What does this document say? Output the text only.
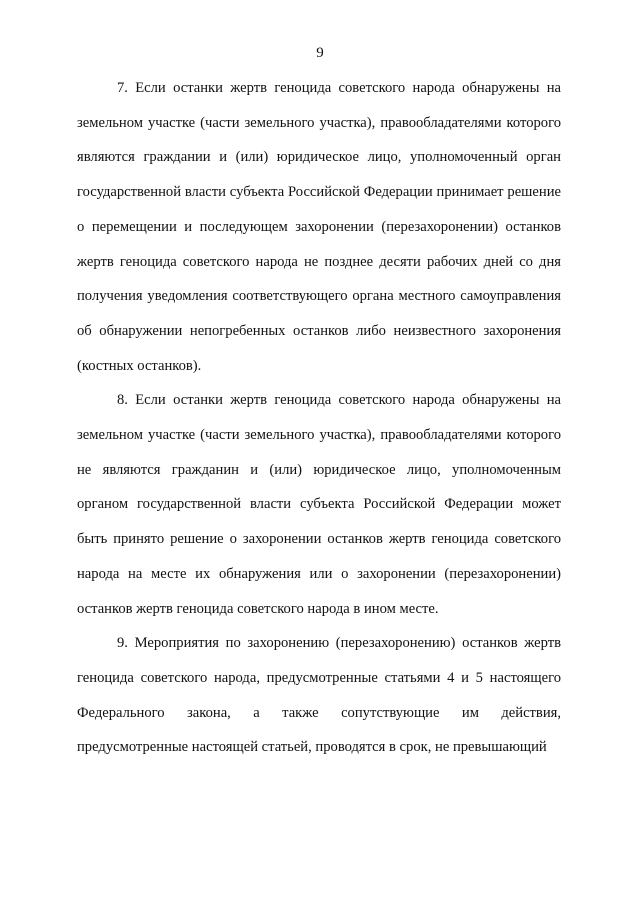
9

7. Если останки жертв геноцида советского народа обнаружены на земельном участке (части земельного участка), правообладателями которого являются граждании и (или) юридическое лицо, уполномоченный орган государственной власти субъекта Российской Федерации принимает решение о перемещении и последующем захоронении (перезахоронении) останков жертв геноцида советского народа не позднее десяти рабочих дней со дня получения уведомления соответствующего органа местного самоуправления об обнаружении непогребенных останков либо неизвестного захоронения (костных останков).

8. Если останки жертв геноцида советского народа обнаружены на земельном участке (части земельного участка), правообладателями которого не являются гражданин и (или) юридическое лицо, уполномоченным органом государственной власти субъекта Российской Федерации может быть принято решение о захоронении останков жертв геноцида советского народа на месте их обнаружения или о захоронении (перезахоронении) останков жертв геноцида советского народа в ином месте.

9. Мероприятия по захоронению (перезахоронению) останков жертв геноцида советского народа, предусмотренные статьями 4 и 5 настоящего Федерального закона, а также сопутствующие им действия, предусмотренные настоящей статьей, проводятся в срок, не превышающий
